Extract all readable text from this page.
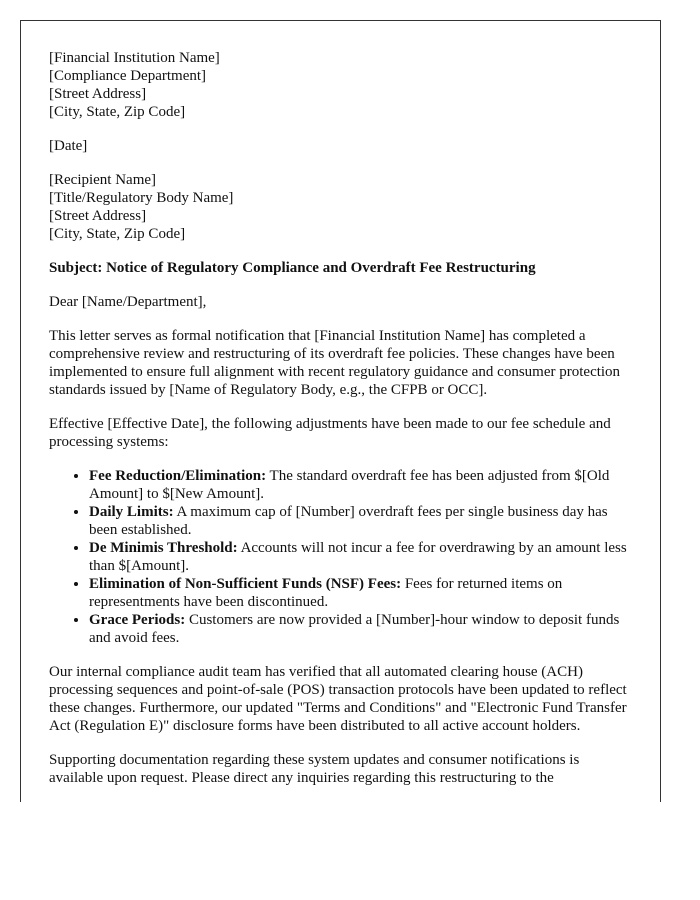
[Financial Institution Name]
[Compliance Department]
[Street Address]
[City, State, Zip Code]

[Date]

[Recipient Name]
[Title/Regulatory Body Name]
[Street Address]
[City, State, Zip Code]

Subject: Notice of Regulatory Compliance and Overdraft Fee Restructuring

Dear [Name/Department],

This letter serves as formal notification that [Financial Institution Name] has completed a comprehensive review and restructuring of its overdraft fee policies. These changes have been implemented to ensure full alignment with recent regulatory guidance and consumer protection standards issued by [Name of Regulatory Body, e.g., the CFPB or OCC].

Effective [Effective Date], the following adjustments have been made to our fee schedule and processing systems:

• Fee Reduction/Elimination: The standard overdraft fee has been adjusted from $[Old Amount] to $[New Amount].
• Daily Limits: A maximum cap of [Number] overdraft fees per single business day has been established.
• De Minimis Threshold: Accounts will not incur a fee for overdrawing by an amount less than $[Amount].
• Elimination of Non-Sufficient Funds (NSF) Fees: Fees for returned items on representments have been discontinued.
• Grace Periods: Customers are now provided a [Number]-hour window to deposit funds and avoid fees.

Our internal compliance audit team has verified that all automated clearing house (ACH) processing sequences and point-of-sale (POS) transaction protocols have been updated to reflect these changes. Furthermore, our updated "Terms and Conditions" and "Electronic Fund Transfer Act (Regulation E)" disclosure forms have been distributed to all active account holders.

Supporting documentation regarding these system updates and consumer notifications is available upon request. Please direct any inquiries regarding this restructuring to the
